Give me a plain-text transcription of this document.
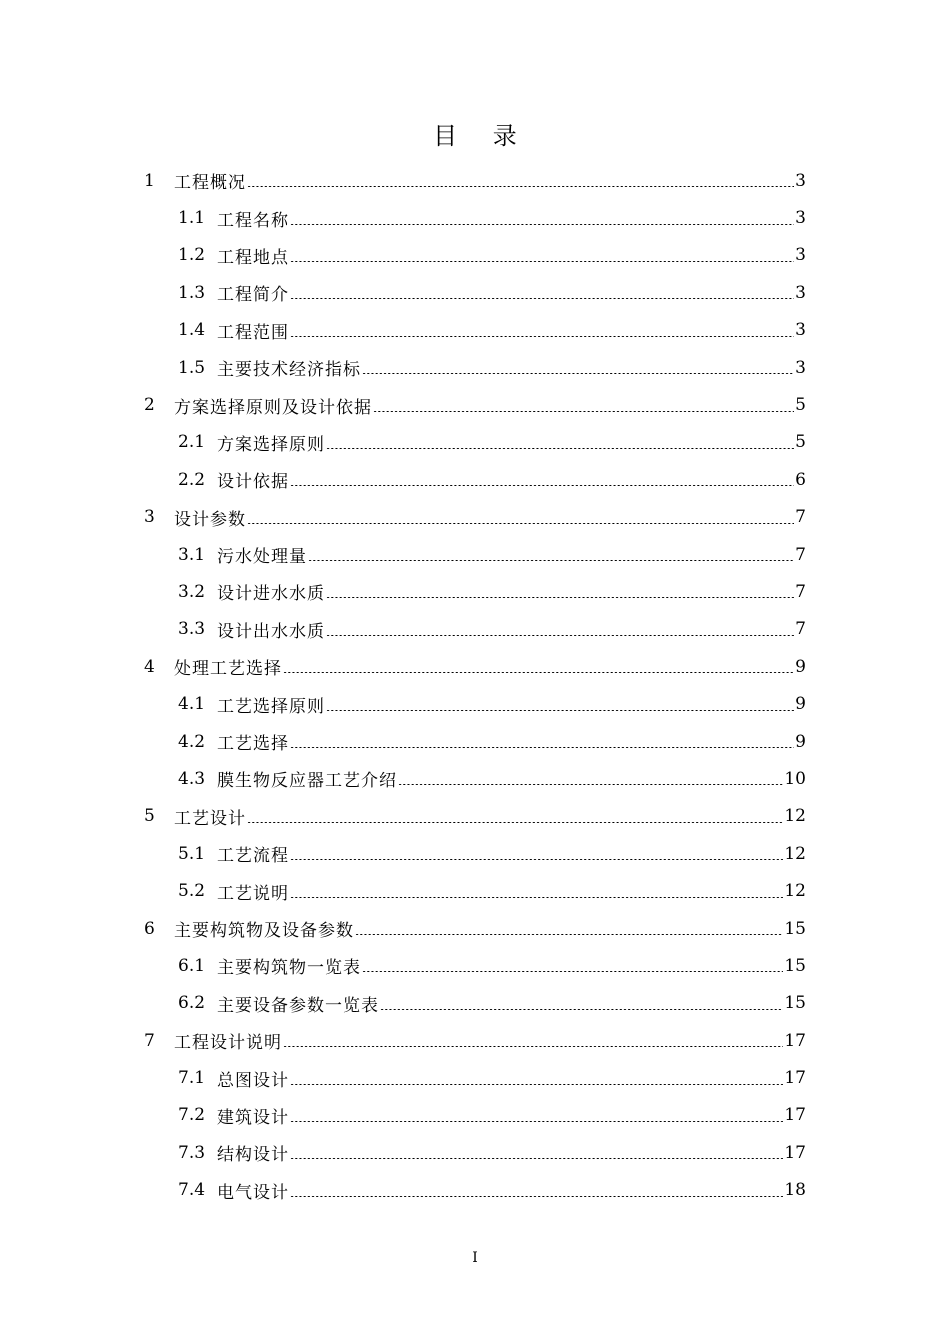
目 录
1	工程概况	3
1.1 工程名称	3
1.2 工程地点	3
1.3 工程简介	3
1.4 工程范围	3
1.5 主要技术经济指标	3
2	方案选择原则及设计依据	5
2.1 方案选择原则	5
2.2 设计依据	6
3	设计参数	7
3.1 污水处理量	7
3.2 设计进水水质	7
3.3 设计出水水质	7
4	处理工艺选择	9
4.1 工艺选择原则	9
4.2 工艺选择	9
4.3 膜生物反应器工艺介绍	10
5	工艺设计	12
5.1 工艺流程	12
5.2 工艺说明	12
6	主要构筑物及设备参数	15
6.1 主要构筑物一览表	15
6.2 主要设备参数一览表	15
7	工程设计说明	17
7.1 总图设计	17
7.2 建筑设计	17
7.3 结构设计	17
7.4 电气设计	18
I
